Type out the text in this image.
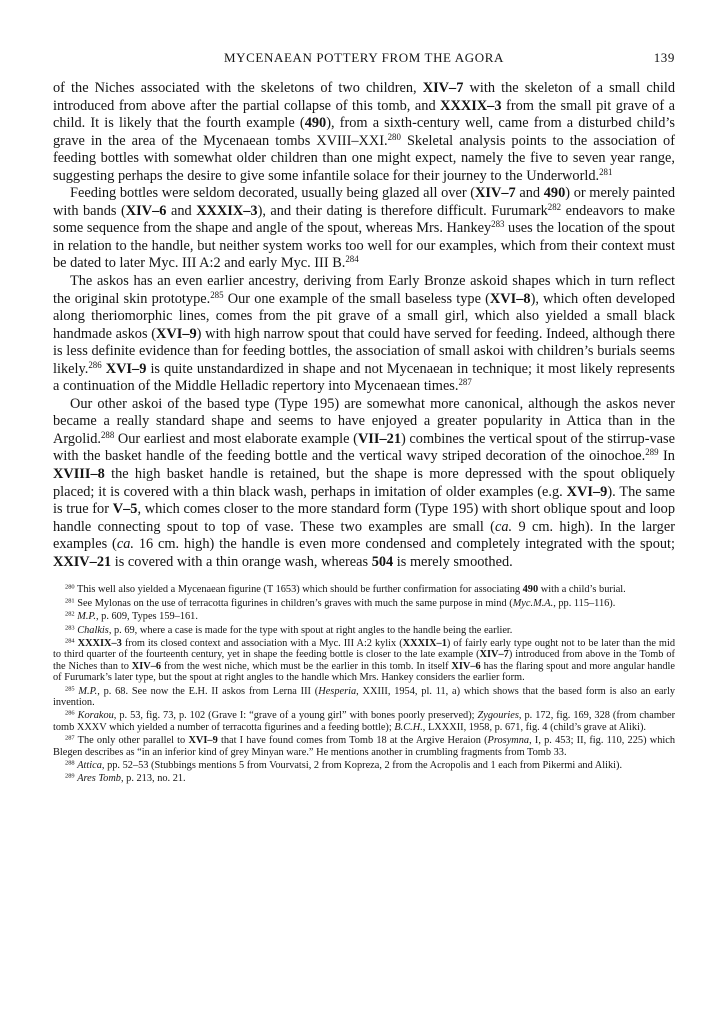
MYCENAEAN POTTERY FROM THE AGORA	139

of the Niches associated with the skeletons of two children, XIV–7 with the skeleton of a small child introduced from above after the partial collapse of this tomb, and XXXIX–3 from the small pit grave of a child. It is likely that the fourth example (490), from a sixth-century well, came from a disturbed child’s grave in the area of the Mycenaean tombs XVIII–XXI.$^{280}$ Skeletal analysis points to the association of feeding bottles with somewhat older children than one might expect, namely the five to seven year range, suggesting perhaps the desire to give some infantile solace for their journey to the Underworld.$^{281}$

Feeding bottles were seldom decorated, usually being glazed all over (XIV–7 and 490) or merely painted with bands (XIV–6 and XXXIX–3), and their dating is therefore difficult. Furumark$^{282}$ endeavors to make some sequence from the shape and angle of the spout, whereas Mrs. Hankey$^{283}$ uses the location of the spout in relation to the handle, but neither system works too well for our examples, which from their context must be dated to later Myc. III A:2 and early Myc. III B.$^{284}$

The askos has an even earlier ancestry, deriving from Early Bronze askoid shapes which in turn reflect the original skin prototype.$^{285}$ Our one example of the small baseless type (XVI–8), which often developed along theriomorphic lines, comes from the pit grave of a small girl, which also yielded a small black handmade askos (XVI–9) with high narrow spout that could have served for feeding. Indeed, although there is less definite evidence than for feeding bottles, the association of small askoi with children’s burials seems likely.$^{286}$ XVI–9 is quite unstandardized in shape and not Mycenaean in technique; it most likely represents a continuation of the Middle Helladic repertory into Mycenaean times.$^{287}$

Our other askoi of the based type (Type 195) are somewhat more canonical, although the askos never became a really standard shape and seems to have enjoyed a greater popularity in Attica than in the Argolid.$^{288}$ Our earliest and most elaborate example (VII–21) combines the vertical spout of the stirrup-vase with the basket handle of the feeding bottle and the vertical wavy striped decoration of the oinochoe.$^{289}$ In XVIII–8 the high basket handle is retained, but the shape is more depressed with the spout obliquely placed; it is covered with a thin black wash, perhaps in imitation of older examples (e.g. XVI–9). The same is true for V–5, which comes closer to the more standard form (Type 195) with short oblique spout and loop handle connecting spout to top of vase. These two examples are small (ca. 9 cm. high). In the larger examples (ca. 16 cm. high) the handle is even more condensed and completely integrated with the spout; XXIV–21 is covered with a thin orange wash, whereas 504 is merely smoothed.

$^{280}$ This well also yielded a Mycenaean figurine (T 1653) which should be further confirmation for associating 490 with a child’s burial.

$^{281}$ See Mylonas on the use of terracotta figurines in children’s graves with much the same purpose in mind (Myc.M.A., pp. 115–116).

$^{282}$ M.P., p. 609, Types 159–161.

$^{283}$ Chalkis, p. 69, where a case is made for the type with spout at right angles to the handle being the earlier.

$^{284}$ XXXIX–3 from its closed context and association with a Myc. III A:2 kylix (XXXIX–1) of fairly early type ought not to be later than the mid to third quarter of the fourteenth century, yet in shape the feeding bottle is closer to the late example (XIV–7) introduced from above in the Tomb of the Niches than to XIV–6 from the west niche, which must be the earlier in this tomb. In itself XIV–6 has the flaring spout and more angular handle of Furumark’s later type, but the spout at right angles to the handle which Mrs. Hankey considers the earlier form.

$^{285}$ M.P., p. 68. See now the E.H. II askos from Lerna III (Hesperia, XXIII, 1954, pl. 11, a) which shows that the based form is also an early invention.

$^{286}$ Korakou, p. 53, fig. 73, p. 102 (Grave I: “grave of a young girl” with bones poorly preserved); Zygouries, p. 172, fig. 169, 328 (from chamber tomb XXXV which yielded a number of terracotta figurines and a feeding bottle); B.C.H., LXXXII, 1958, p. 671, fig. 4 (child’s grave at Aliki).

$^{287}$ The only other parallel to XVI–9 that I have found comes from Tomb 18 at the Argive Heraion (Prosymna, I, p. 453; II, fig. 110, 225) which Blegen describes as “in an inferior kind of grey Minyan ware.” He mentions another in crumbling fragments from Tomb 33.

$^{288}$ Attica, pp. 52–53 (Stubbings mentions 5 from Vourvatsi, 2 from Kopreza, 2 from the Acropolis and 1 each from Pikermi and Aliki).

$^{289}$ Ares Tomb, p. 213, no. 21.
